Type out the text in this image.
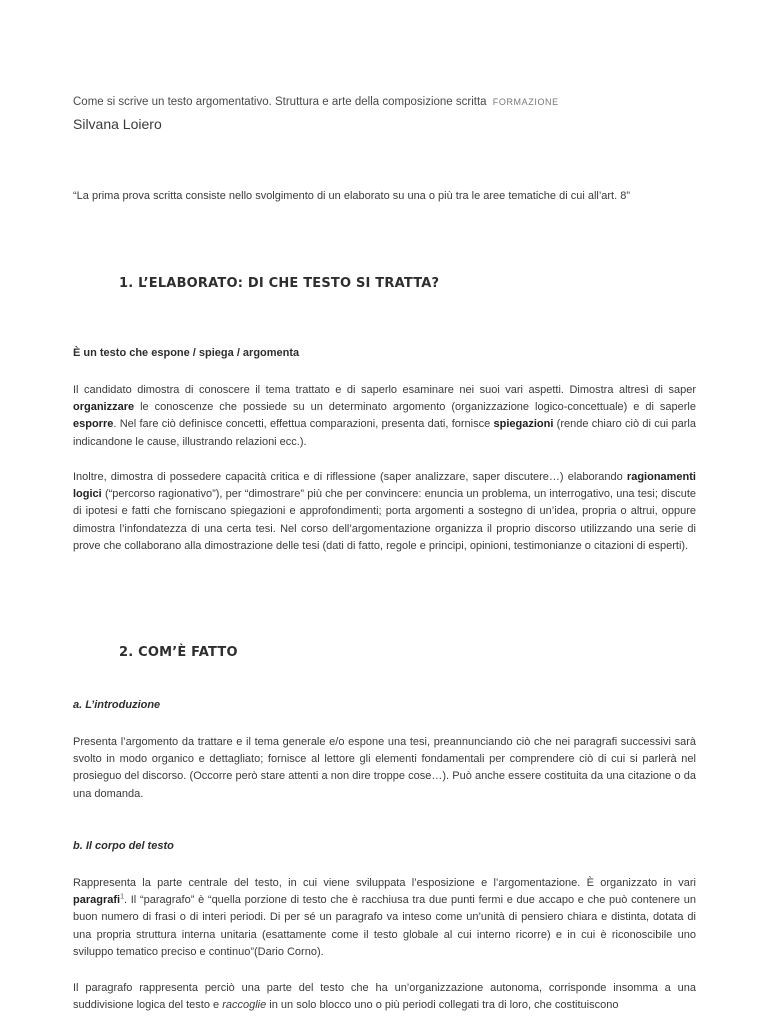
Come si scrive un testo argomentativo. Struttura e arte della composizione scritta FORMAZIONE
Silvana Loiero
“La prima prova scritta consiste nello svolgimento di un elaborato su una o più tra le aree tematiche di cui all’art. 8”
1. L’ELABORATO: DI CHE TESTO SI TRATTA?
È un testo che espone / spiega / argomenta
Il candidato dimostra di conoscere il tema trattato e di saperlo esaminare nei suoi vari aspetti. Dimostra altresì di saper organizzare le conoscenze che possiede su un determinato argomento (organizzazione logico-concettuale) e di saperle esporre. Nel fare ciò definisce concetti, effettua comparazioni, presenta dati, fornisce spiegazioni (rende chiaro ciò di cui parla indicandone le cause, illustrando relazioni ecc.).
Inoltre, dimostra di possedere capacità critica e di riflessione (saper analizzare, saper discutere…) elaborando ragionamenti logici (“percorso ragionativo”), per “dimostrare” più che per convincere: enuncia un problema, un interrogativo, una tesi; discute di ipotesi e fatti che forniscano spiegazioni e approfondimenti; porta argomenti a sostegno di un’idea, propria o altrui, oppure dimostra l’infondatezza di una certa tesi. Nel corso dell’argomentazione organizza il proprio discorso utilizzando una serie di prove che collaborano alla dimostrazione delle tesi (dati di fatto, regole e principi, opinioni, testimonianze o citazioni di esperti).
2. COM’È FATTO
a. L’introduzione
Presenta l’argomento da trattare e il tema generale e/o espone una tesi, preannunciando ciò che nei paragrafi successivi sarà svolto in modo organico e dettagliato; fornisce al lettore gli elementi fondamentali per comprendere ciò di cui si parlerà nel prosieguo del discorso. (Occorre però stare attenti a non dire troppe cose…). Può anche essere costituita da una citazione o da una domanda.
b. Il corpo del testo
Rappresenta la parte centrale del testo, in cui viene sviluppata l’esposizione e l’argomentazione. È organizzato in vari paragrafi$^1$. Il “paragrafo” è “quella porzione di testo che è racchiusa tra due punti fermi e due accapo e che può contenere un buon numero di frasi o di interi periodi. Di per sé un paragrafo va inteso come un’unità di pensiero chiara e distinta, dotata di una propria struttura interna unitaria (esattamente come il testo globale al cui interno ricorre) e in cui è riconoscibile uno sviluppo tematico preciso e continuo”(Dario Corno).
Il paragrafo rappresenta perciò una parte del testo che ha un’organizzazione autonoma, corrisponde insomma a una suddivisione logica del testo e raccoglie in un solo blocco uno o più periodi collegati tra di loro, che costituiscono
